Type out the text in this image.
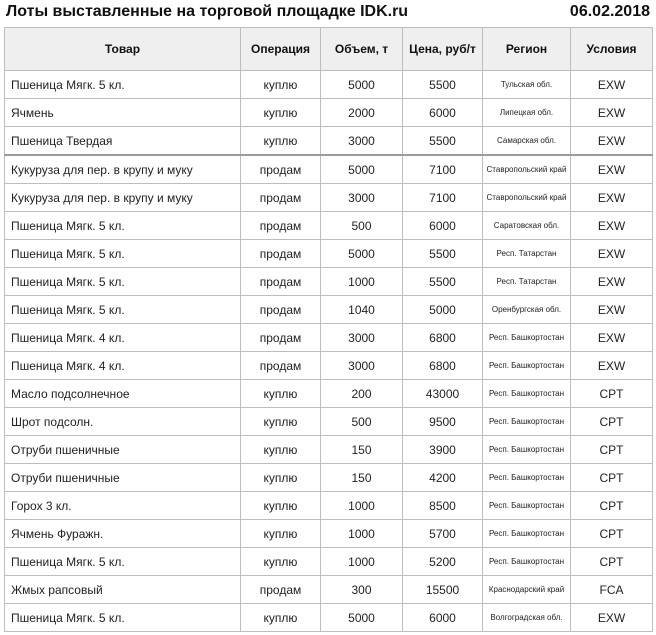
Лоты выставленные на торговой площадке IDK.ru	06.02.2018
Товар	Операция	Объем, т	Цена, руб/т	Регион	Условия
Пшеница Мягк. 5 кл.	куплю	5000	5500	Тульская обл.	EXW
Ячмень	куплю	2000	6000	Липецкая обл.	EXW
Пшеница Твердая	куплю	3000	5500	Самарская обл.	EXW
Кукуруза для пер. в крупу и муку	продам	5000	7100	Ставропольский край	EXW
Кукуруза для пер. в крупу и муку	продам	3000	7100	Ставропольский край	EXW
Пшеница Мягк. 5 кл.	продам	500	6000	Саратовская обл.	EXW
Пшеница Мягк. 5 кл.	продам	5000	5500	Респ. Татарстан	EXW
Пшеница Мягк. 5 кл.	продам	1000	5500	Респ. Татарстан	EXW
Пшеница Мягк. 5 кл.	продам	1040	5000	Оренбургская обл.	EXW
Пшеница Мягк. 4 кл.	продам	3000	6800	Респ. Башкортостан	EXW
Пшеница Мягк. 4 кл.	продам	3000	6800	Респ. Башкортостан	EXW
Масло подсолнечное	куплю	200	43000	Респ. Башкортостан	CPT
Шрот подсолн.	куплю	500	9500	Респ. Башкортостан	CPT
Отруби пшеничные	куплю	150	3900	Респ. Башкортостан	CPT
Отруби пшеничные	куплю	150	4200	Респ. Башкортостан	CPT
Горох 3 кл.	куплю	1000	8500	Респ. Башкортостан	CPT
Ячмень Фуражн.	куплю	1000	5700	Респ. Башкортостан	CPT
Пшеница Мягк. 5 кл.	куплю	1000	5200	Респ. Башкортостан	CPT
Жмых рапсовый	продам	300	15500	Краснодарский край	FCA
Пшеница Мягк. 5 кл.	куплю	5000	6000	Волгоградская обл.	EXW
